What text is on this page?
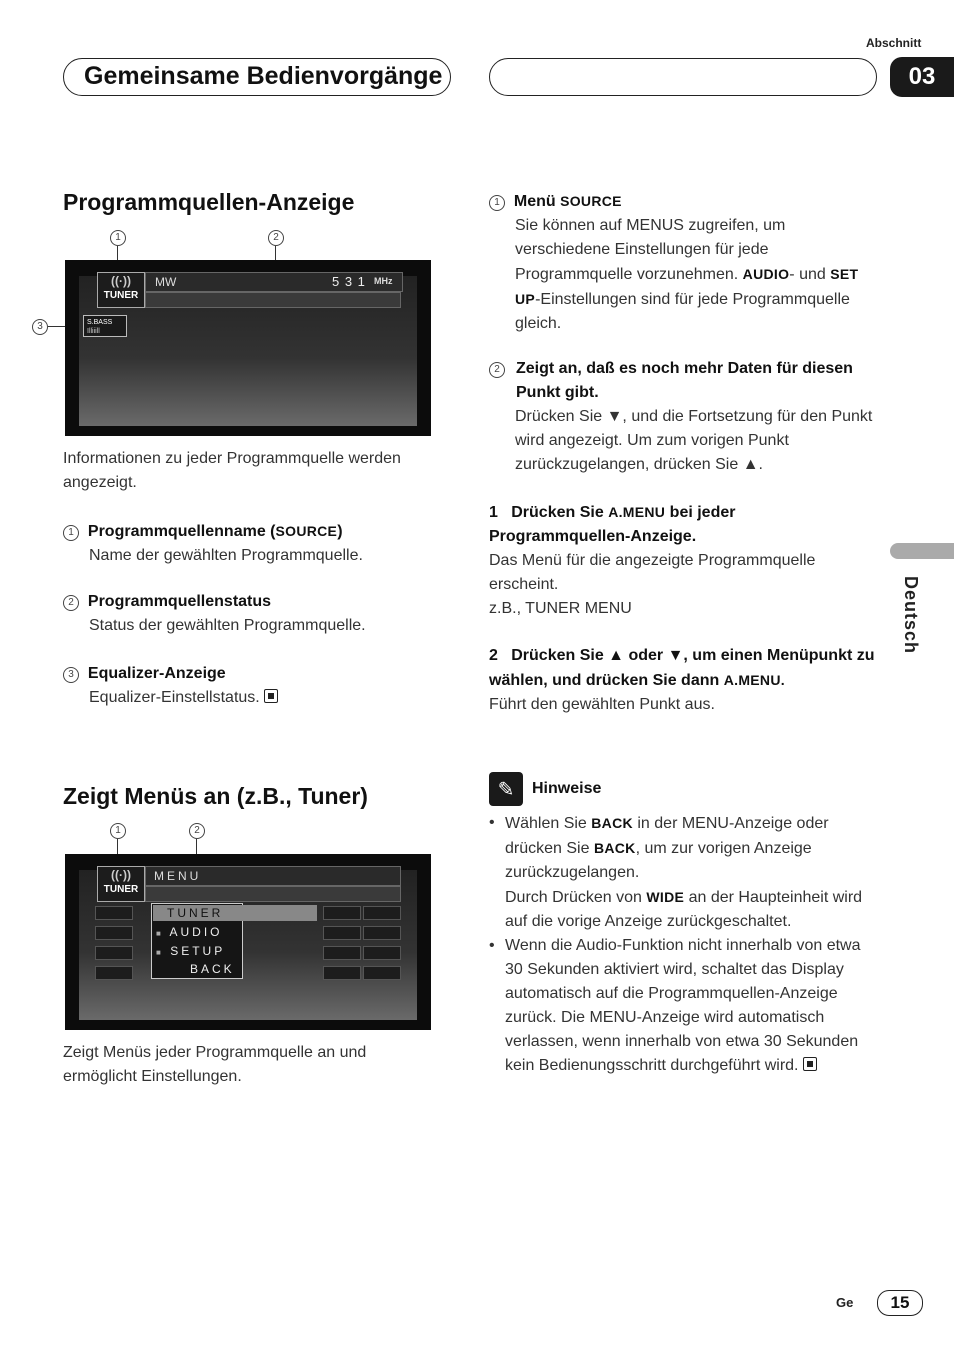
Abschnitt
Gemeinsame Bedienvorgänge	03
Deutsch
Programmquellen-Anzeige
1	2
3
MW	5 3 1 MHz
((·))
TUNER
S.BASS
Illiiill
Informationen zu jeder Programmquelle werden angezeigt.
1 Programmquellenname (SOURCE)
Name der gewählten Programmquelle.
2 Programmquellenstatus
Status der gewählten Programmquelle.
3 Equalizer-Anzeige
Equalizer-Einstellstatus.
Zeigt Menüs an (z.B., Tuner)
1	2
MENU
((·))
TUNER
TUNER
■ AUDIO
■ SETUP
BACK
Zeigt Menüs jeder Programmquelle an und ermöglicht Einstellungen.
1 Menü SOURCE
Sie können auf MENUS zugreifen, um verschiedene Einstellungen für jede Programmquelle vorzunehmen. AUDIO- und SET UP-Einstellungen sind für jede Programmquelle gleich.
2	Zeigt an, daß es noch mehr Daten für diesen Punkt gibt.
Drücken Sie ▼, und die Fortsetzung für den Punkt wird angezeigt. Um zum vorigen Punkt zurückzugelangen, drücken Sie ▲.
1 Drücken Sie A.MENU bei jeder Programmquellen-Anzeige.
Das Menü für die angezeigte Programmquelle erscheint.
z.B., TUNER MENU
2 Drücken Sie ▲ oder ▼, um einen Menüpunkt zu wählen, und drücken Sie dann A.MENU.
Führt den gewählten Punkt aus.
✎	Hinweise
• Wählen Sie BACK in der MENU-Anzeige oder drücken Sie BACK, um zur vorigen Anzeige zurückzugelangen.
Durch Drücken von WIDE an der Haupteinheit wird auf die vorige Anzeige zurückgeschaltet.
• Wenn die Audio-Funktion nicht innerhalb von etwa 30 Sekunden aktiviert wird, schaltet das Display automatisch auf die Programmquellen-Anzeige zurück. Die MENU-Anzeige wird automatisch verlassen, wenn innerhalb von etwa 30 Sekunden kein Bedienungsschritt durchgeführt wird.
Ge	15
